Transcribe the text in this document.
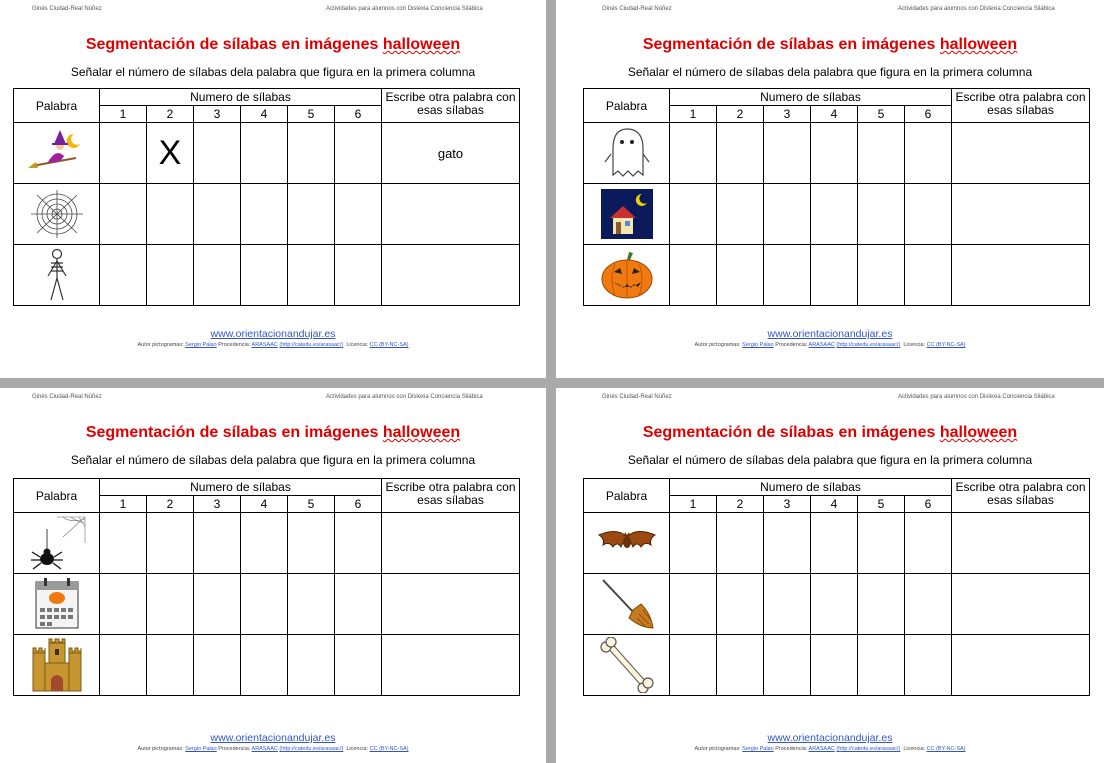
Ginés Ciudad-Real Núñez	Actividades para alumnos con Dislexia Conciencia Silábica
Segmentación de sílabas en imágenes halloween
Señalar el número de sílabas dela palabra que figura en la primera columna
Palabra	Numero de sílabas						Escribe otra palabra con esas sílabas
	1	2	3	4	5	6	

		X					gato

www.orientacionandujar.es
Autor pictogramas: Sergio Palao Procedencia: ARASAAC (http://catedu.es/arasaac/) Licencia: CC (BY-NC-SA)
Ginés Ciudad-Real Núñez	Actividades para alumnos con Dislexia Conciencia Silábica
Segmentación de sílabas en imágenes halloween
Señalar el número de sílabas dela palabra que figura en la primera columna
Palabra	Numero de sílabas						Escribe otra palabra con esas sílabas
	1	2	3	4	5	6	

www.orientacionandujar.es
Autor pictogramas: Sergio Palao Procedencia: ARASAAC (http://catedu.es/arasaac/) Licencia: CC (BY-NC-SA)
Ginés Ciudad-Real Núñez	Actividades para alumnos con Dislexia Conciencia Silábica
Segmentación de sílabas en imágenes halloween
Señalar el número de sílabas dela palabra que figura en la primera columna
Palabra	Numero de sílabas						Escribe otra palabra con esas sílabas
	1	2	3	4	5	6	

www.orientacionandujar.es
Autor pictogramas: Sergio Palao Procedencia: ARASAAC (http://catedu.es/arasaac/) Licencia: CC (BY-NC-SA)
Ginés Ciudad-Real Núñez	Actividades para alumnos con Dislexia Conciencia Silábica
Segmentación de sílabas en imágenes halloween
Señalar el número de sílabas dela palabra que figura en la primera columna
Palabra	Numero de sílabas						Escribe otra palabra con esas sílabas
	1	2	3	4	5	6	

www.orientacionandujar.es
Autor pictogramas: Sergio Palao Procedencia: ARASAAC (http://catedu.es/arasaac/) Licencia: CC (BY-NC-SA)
